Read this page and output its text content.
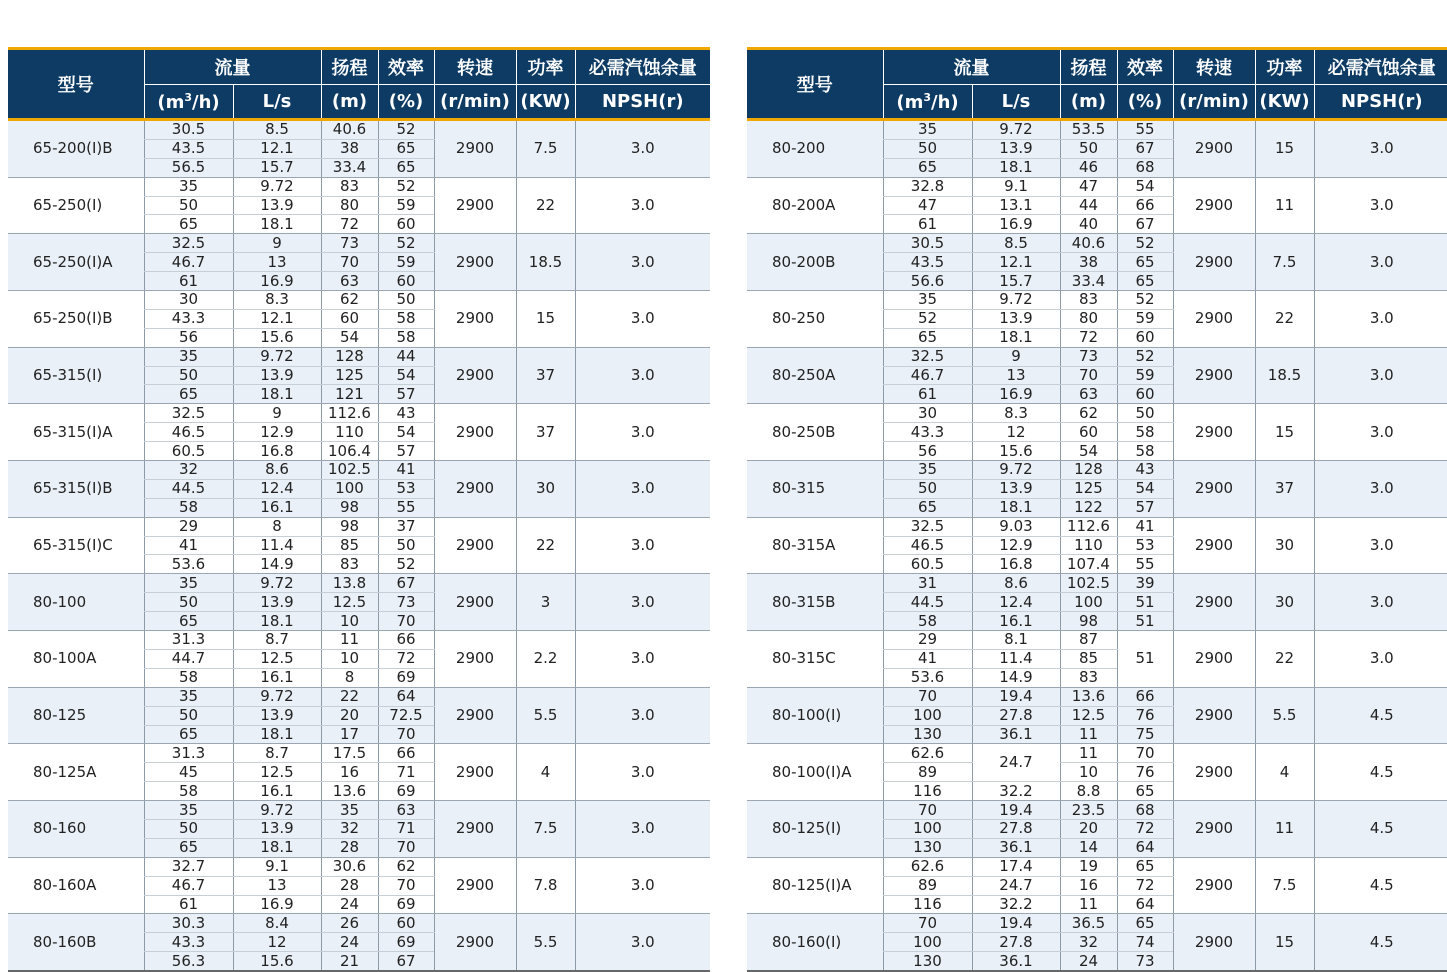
型号	流量		扬程	效率	转速	功率	必需汽蚀余量
	$(m^3/h)$	L/s	(m)	(%)	(r/min)	(KW)	NPSH(r)
65-200(I)B	30.5	8.5	40.6	52	2900	7.5	3.0
	43.5	12.1	38	65			
	56.5	15.7	33.4	65			
65-250(I)	35	9.72	83	52	2900	22	3.0
	50	13.9	80	59			
	65	18.1	72	60			
65-250(I)A	32.5	9	73	52	2900	18.5	3.0
	46.7	13	70	59			
	61	16.9	63	60			
65-250(I)B	30	8.3	62	50	2900	15	3.0
	43.3	12.1	60	58			
	56	15.6	54	58			
65-315(I)	35	9.72	128	44	2900	37	3.0
	50	13.9	125	54			
	65	18.1	121	57			
65-315(I)A	32.5	9	112.6	43	2900	37	3.0
	46.5	12.9	110	54			
	60.5	16.8	106.4	57			
65-315(I)B	32	8.6	102.5	41	2900	30	3.0
	44.5	12.4	100	53			
	58	16.1	98	55			
65-315(I)C	29	8	98	37	2900	22	3.0
	41	11.4	85	50			
	53.6	14.9	83	52			
80-100	35	9.72	13.8	67	2900	3	3.0
	50	13.9	12.5	73			
	65	18.1	10	70			
80-100A	31.3	8.7	11	66	2900	2.2	3.0
	44.7	12.5	10	72			
	58	16.1	8	69			
80-125	35	9.72	22	64	2900	5.5	3.0
	50	13.9	20	72.5			
	65	18.1	17	70			
80-125A	31.3	8.7	17.5	66	2900	4	3.0
	45	12.5	16	71			
	58	16.1	13.6	69			
80-160	35	9.72	35	63	2900	7.5	3.0
	50	13.9	32	71			
	65	18.1	28	70			
80-160A	32.7	9.1	30.6	62	2900	7.8	3.0
	46.7	13	28	70			
	61	16.9	24	69			
80-160B	30.3	8.4	26	60	2900	5.5	3.0
	43.3	12	24	69			
	56.3	15.6	21	67			
型号	流量		扬程	效率	转速	功率	必需汽蚀余量
	$(m^3/h)$	L/s	(m)	(%)	(r/min)	(KW)	NPSH(r)
80-200	35	9.72	53.5	55	2900	15	3.0
	50	13.9	50	67			
	65	18.1	46	68			
80-200A	32.8	9.1	47	54	2900	11	3.0
	47	13.1	44	66			
	61	16.9	40	67			
80-200B	30.5	8.5	40.6	52	2900	7.5	3.0
	43.5	12.1	38	65			
	56.6	15.7	33.4	65			
80-250	35	9.72	83	52	2900	22	3.0
	52	13.9	80	59			
	65	18.1	72	60			
80-250A	32.5	9	73	52	2900	18.5	3.0
	46.7	13	70	59			
	61	16.9	63	60			
80-250B	30	8.3	62	50	2900	15	3.0
	43.3	12	60	58			
	56	15.6	54	58			
80-315	35	9.72	128	43	2900	37	3.0
	50	13.9	125	54			
	65	18.1	122	57			
80-315A	32.5	9.03	112.6	41	2900	30	3.0
	46.5	12.9	110	53			
	60.5	16.8	107.4	55			
80-315B	31	8.6	102.5	39	2900	30	3.0
	44.5	12.4	100	51			
	58	16.1	98	51			
80-315C	29	8.1	87	51	2900	22	3.0
	41	11.4	85				
	53.6	14.9	83				
80-100(I)	70	19.4	13.6	66	2900	5.5	4.5
	100	27.8	12.5	76			
	130	36.1	11	75			
80-100(I)A	62.6	24.7	11	70	2900	4	4.5
	89		10	76			
	116	32.2	8.8	65			
80-125(I)	70	19.4	23.5	68	2900	11	4.5
	100	27.8	20	72			
	130	36.1	14	64			
80-125(I)A	62.6	17.4	19	65	2900	7.5	4.5
	89	24.7	16	72			
	116	32.2	11	64			
80-160(I)	70	19.4	36.5	65	2900	15	4.5
	100	27.8	32	74			
	130	36.1	24	73			
